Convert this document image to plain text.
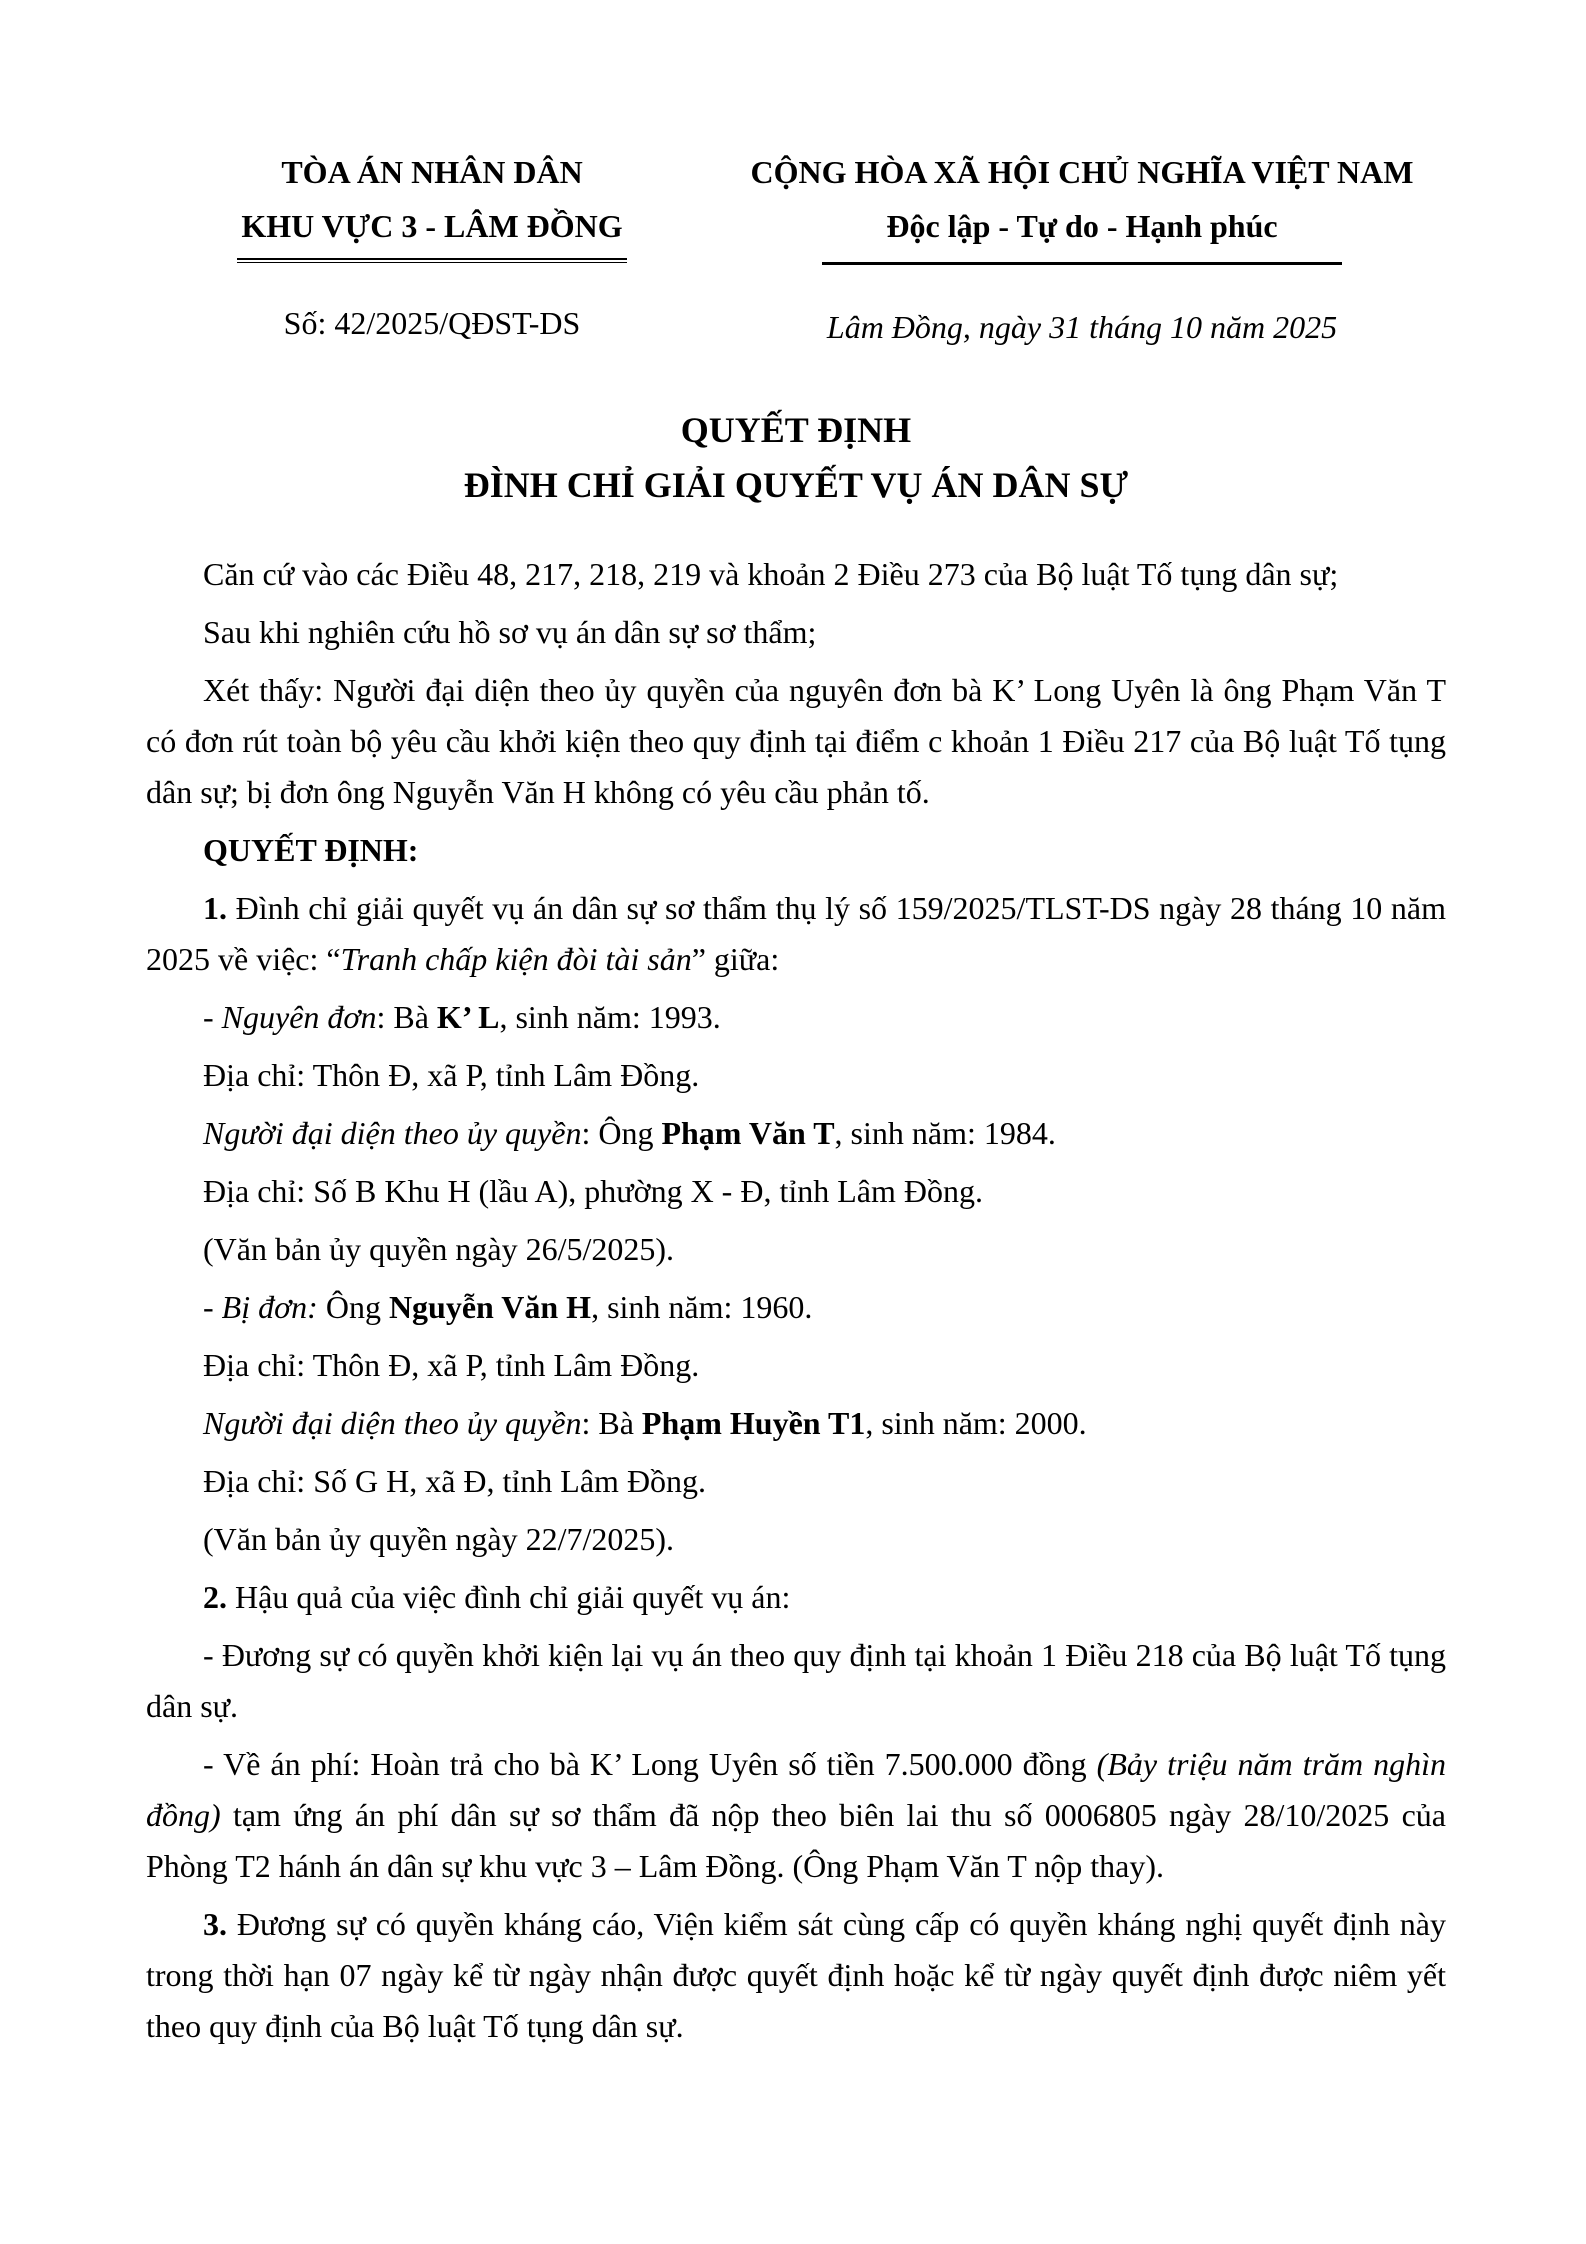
TÒA ÁN NHÂN DÂN
KHU VỰC 3 - LÂM ĐỒNG
Số: 42/2025/QĐST-DS
CỘNG HÒA XÃ HỘI CHỦ NGHĨA VIỆT NAM
Độc lập - Tự do - Hạnh phúc
Lâm Đồng, ngày 31 tháng 10 năm 2025
QUYẾT ĐỊNH
ĐÌNH CHỈ GIẢI QUYẾT VỤ ÁN DÂN SỰ

Căn cứ vào các Điều 48, 217, 218, 219 và khoản 2 Điều 273 của Bộ luật Tố tụng dân sự;

Sau khi nghiên cứu hồ sơ vụ án dân sự sơ thẩm;

Xét thấy: Người đại diện theo ủy quyền của nguyên đơn bà K’ Long Uyên là ông Phạm Văn T có đơn rút toàn bộ yêu cầu khởi kiện theo quy định tại điểm c khoản 1 Điều 217 của Bộ luật Tố tụng dân sự; bị đơn ông Nguyễn Văn H không có yêu cầu phản tố.

QUYẾT ĐỊNH:

1. Đình chỉ giải quyết vụ án dân sự sơ thẩm thụ lý số 159/2025/TLST-DS ngày 28 tháng 10 năm 2025 về việc: “Tranh chấp kiện đòi tài sản” giữa:

- Nguyên đơn: Bà K’ L, sinh năm: 1993.

Địa chỉ: Thôn Đ, xã P, tỉnh Lâm Đồng.

Người đại diện theo ủy quyền: Ông Phạm Văn T, sinh năm: 1984.

Địa chỉ: Số B Khu H (lầu A), phường X - Đ, tỉnh Lâm Đồng.

(Văn bản ủy quyền ngày 26/5/2025).

- Bị đơn: Ông Nguyễn Văn H, sinh năm: 1960.

Địa chỉ: Thôn Đ, xã P, tỉnh Lâm Đồng.

Người đại diện theo ủy quyền: Bà Phạm Huyền T1, sinh năm: 2000.

Địa chỉ: Số G H, xã Đ, tỉnh Lâm Đồng.

(Văn bản ủy quyền ngày 22/7/2025).

2. Hậu quả của việc đình chỉ giải quyết vụ án:

- Đương sự có quyền khởi kiện lại vụ án theo quy định tại khoản 1 Điều 218 của Bộ luật Tố tụng dân sự.

- Về án phí: Hoàn trả cho bà K’ Long Uyên số tiền 7.500.000 đồng (Bảy triệu năm trăm nghìn đồng) tạm ứng án phí dân sự sơ thẩm đã nộp theo biên lai thu số 0006805 ngày 28/10/2025 của Phòng T2 hánh án dân sự khu vực 3 – Lâm Đồng. (Ông Phạm Văn T nộp thay).

3. Đương sự có quyền kháng cáo, Viện kiểm sát cùng cấp có quyền kháng nghị quyết định này trong thời hạn 07 ngày kể từ ngày nhận được quyết định hoặc kể từ ngày quyết định được niêm yết theo quy định của Bộ luật Tố tụng dân sự.
